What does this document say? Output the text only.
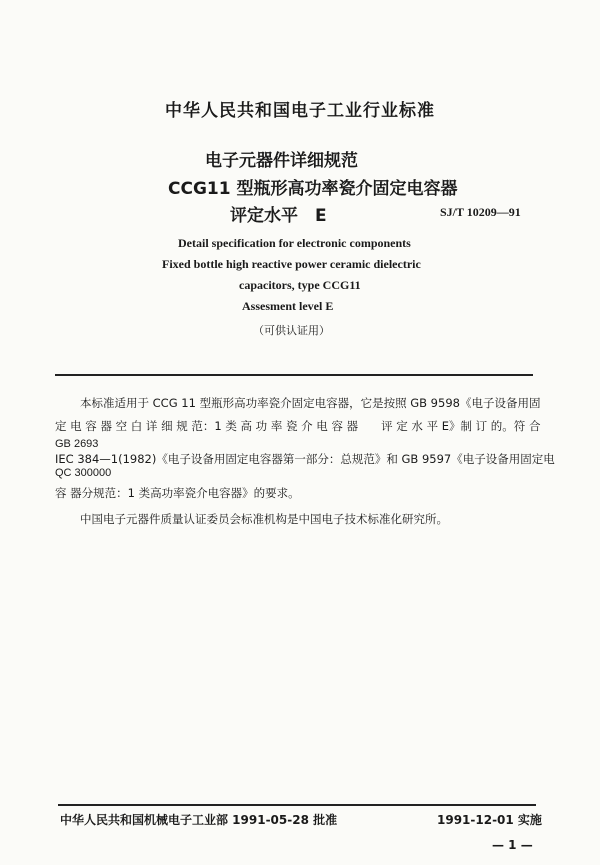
中华人民共和国电子工业行业标准
电子元器件详细规范
CCG11 型瓶形高功率瓷介固定电容器
评定水平　E	SJ/T 10209—91
Detail specification for electronic components
Fixed bottle high reactive power ceramic dielectric
capacitors, type CCG11
Assesment level E
（可供认证用）
本标准适用于 CCG 11 型瓶形高功率瓷介固定电容器，它是按照 GB 9598《电子设备用固
定 电 容 器 空 白 详 细 规 范：1 类 高 功 率 瓷 介 电 容 器　　评 定 水 平 E》制 订 的。符 合
GB 2693
IEC 384—1(1982)《电子设备用固定电容器第一部分：总规范》和 GB 9597《电子设备用固定电
QC 300000
容 器分规范：1 类高功率瓷介电容器》的要求。
中国电子元器件质量认证委员会标准机构是中国电子技术标准化研究所。
中华人民共和国机械电子工业部 1991-05-28 批准	1991-12-01 实施
— 1 —
